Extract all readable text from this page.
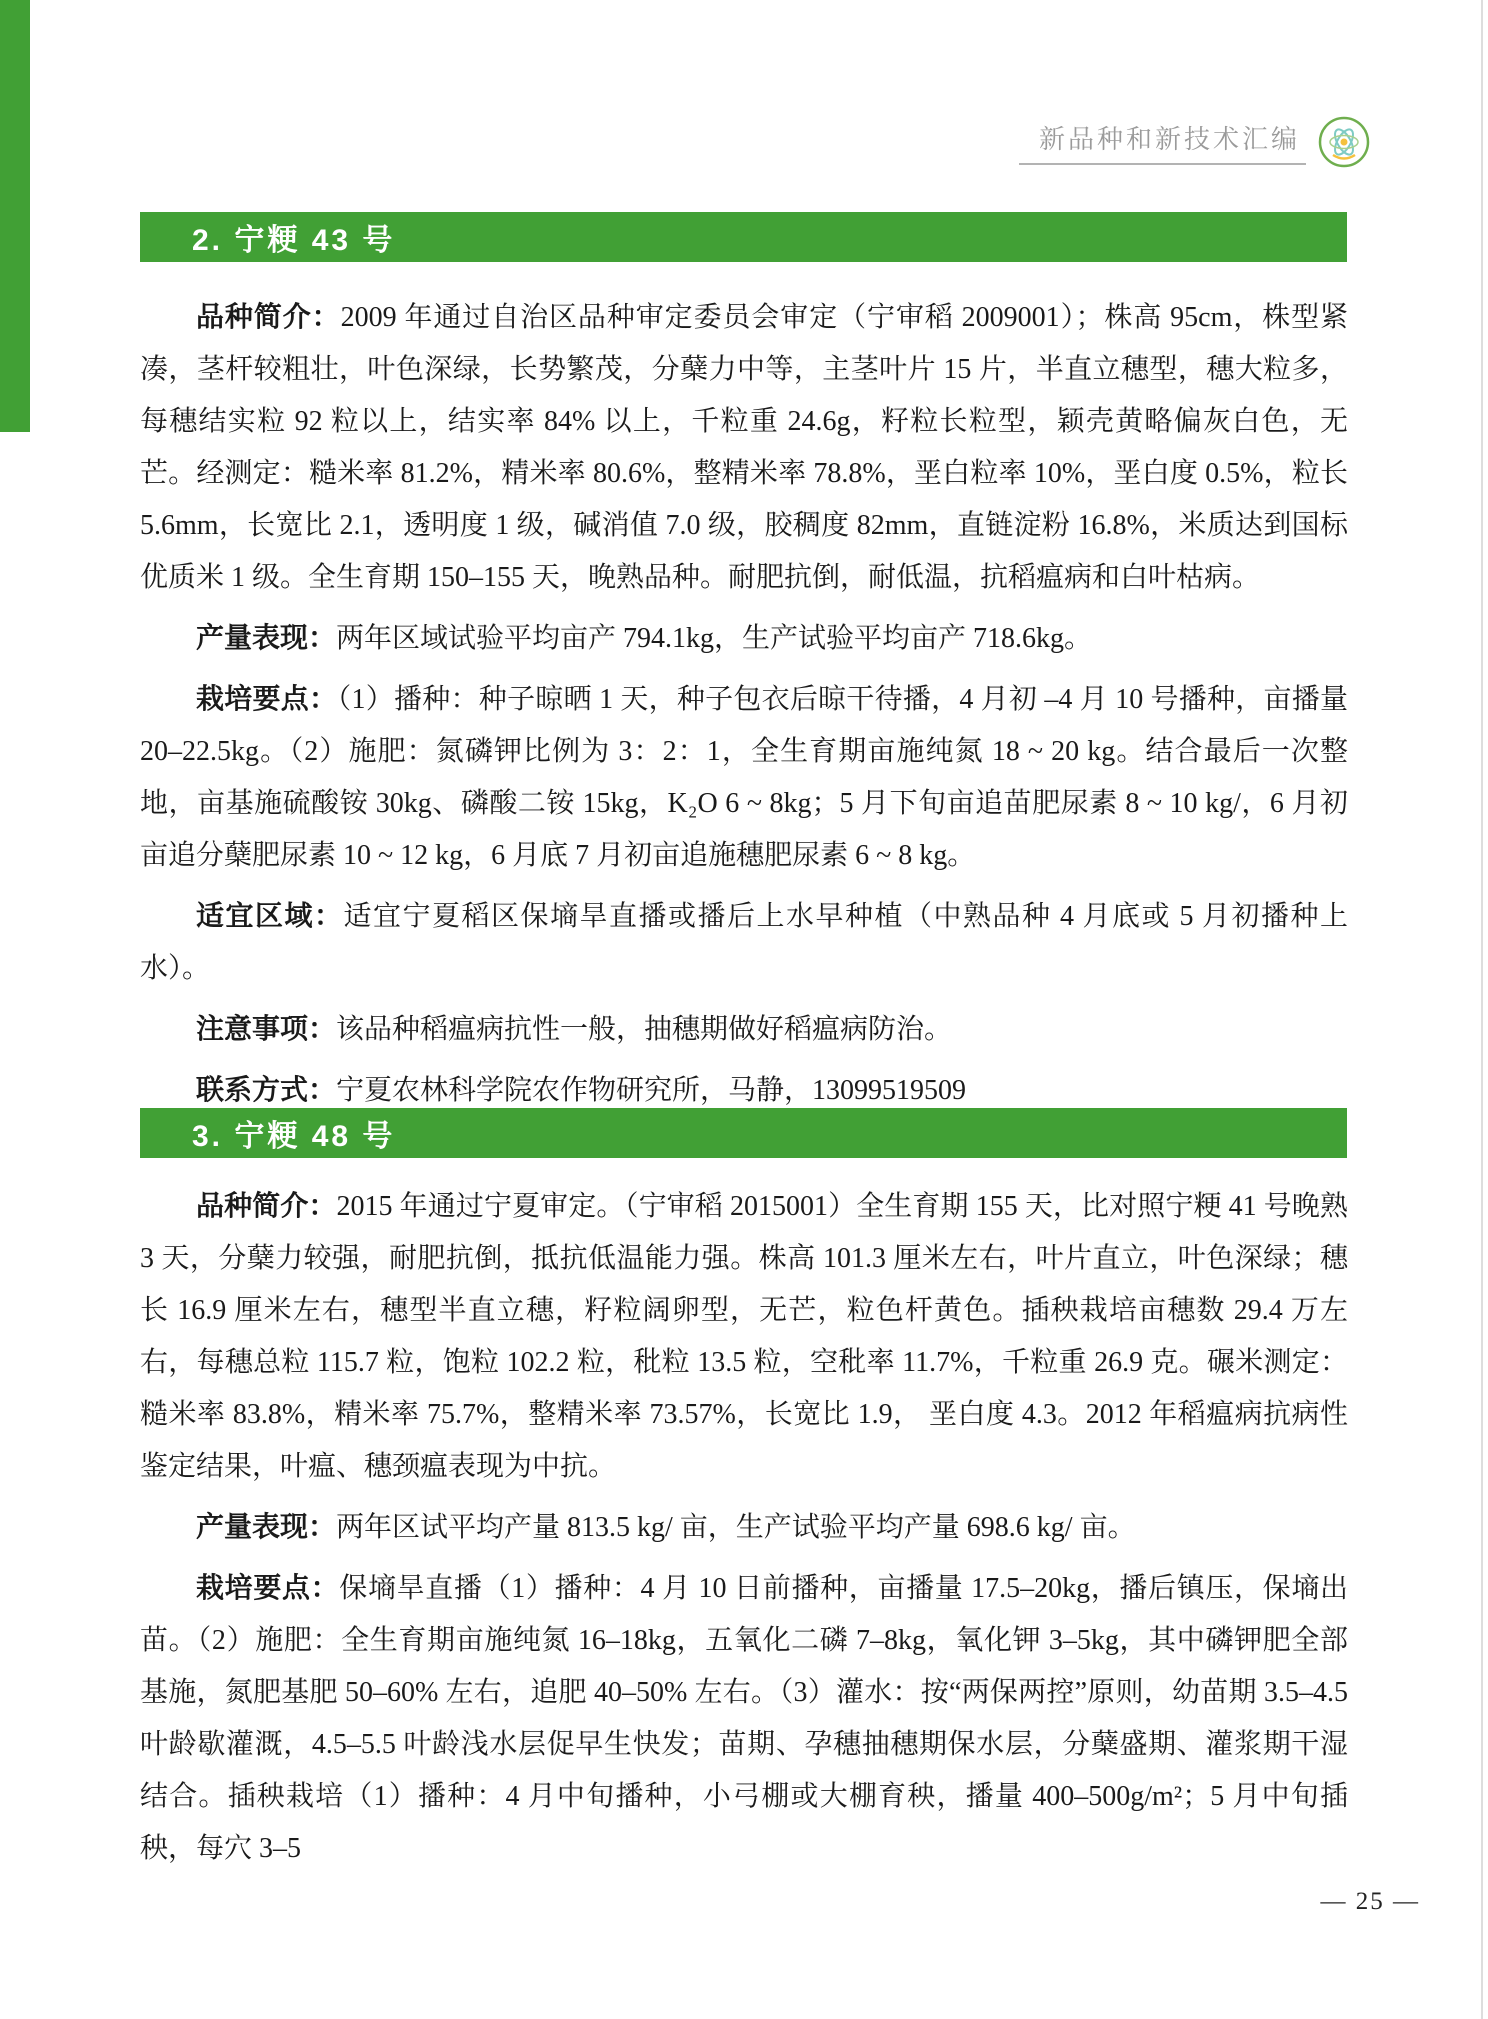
新品种和新技术汇编
2. 宁粳 43 号

品种简介：2009 年通过自治区品种审定委员会审定（宁审稻 2009001）；株高 95cm，株型紧凑，茎杆较粗壮，叶色深绿，长势繁茂，分蘖力中等，主茎叶片 15 片，半直立穗型，穗大粒多，每穗结实粒 92 粒以上，结实率 84% 以上，千粒重 24.6g，籽粒长粒型，颖壳黄略偏灰白色，无芒。经测定：糙米率 81.2%，精米率 80.6%，整精米率 78.8%，垩白粒率 10%，垩白度 0.5%，粒长 5.6mm，长宽比 2.1，透明度 1 级，碱消值 7.0 级，胶稠度 82mm，直链淀粉 16.8%，米质达到国标优质米 1 级。全生育期 150–155 天，晚熟品种。耐肥抗倒，耐低温，抗稻瘟病和白叶枯病。

产量表现：两年区域试验平均亩产 794.1kg，生产试验平均亩产 718.6kg。

栽培要点：（1）播种：种子晾晒 1 天，种子包衣后晾干待播，4 月初 –4 月 10 号播种，亩播量 20–22.5kg。（2）施肥：氮磷钾比例为 3：2：1，全生育期亩施纯氮 18 ~ 20 kg。结合最后一次整地，亩基施硫酸铵 30kg、磷酸二铵 15kg，K₂O 6 ~ 8kg；5 月下旬亩追苗肥尿素 8 ~ 10 kg/，6 月初亩追分蘖肥尿素 10 ~ 12 kg，6 月底 7 月初亩追施穗肥尿素 6 ~ 8 kg。

适宜区域：适宜宁夏稻区保墒旱直播或播后上水早种植（中熟品种 4 月底或 5 月初播种上水）。

注意事项：该品种稻瘟病抗性一般，抽穗期做好稻瘟病防治。

联系方式：宁夏农林科学院农作物研究所，马静，13099519509

3. 宁粳 48 号

品种简介：2015 年通过宁夏审定。（宁审稻 2015001）全生育期 155 天，比对照宁粳 41 号晚熟 3 天，分蘖力较强，耐肥抗倒，抵抗低温能力强。株高 101.3 厘米左右，叶片直立，叶色深绿；穗长 16.9 厘米左右，穗型半直立穗，籽粒阔卵型，无芒，粒色杆黄色。插秧栽培亩穗数 29.4 万左右，每穗总粒 115.7 粒，饱粒 102.2 粒，秕粒 13.5 粒，空秕率 11.7%，千粒重 26.9 克。碾米测定：糙米率 83.8%，精米率 75.7%，整精米率 73.57%，长宽比 1.9， 垩白度 4.3。2012 年稻瘟病抗病性鉴定结果，叶瘟、穗颈瘟表现为中抗。

产量表现：两年区试平均产量 813.5 kg/ 亩，生产试验平均产量 698.6 kg/ 亩。

栽培要点：保墒旱直播（1）播种：4 月 10 日前播种，亩播量 17.5–20kg，播后镇压，保墒出苗。（2）施肥：全生育期亩施纯氮 16–18kg，五氧化二磷 7–8kg，氧化钾 3–5kg，其中磷钾肥全部基施，氮肥基肥 50–60% 左右，追肥 40–50% 左右。（3）灌水：按“两保两控”原则，幼苗期 3.5–4.5 叶龄歇灌溉，4.5–5.5 叶龄浅水层促早生快发；苗期、孕穗抽穗期保水层，分蘖盛期、灌浆期干湿结合。插秧栽培（1）播种：4 月中旬播种，小弓棚或大棚育秧，播量 400–500g/m²；5 月中旬插秧，每穴 3–5

— 25 —
